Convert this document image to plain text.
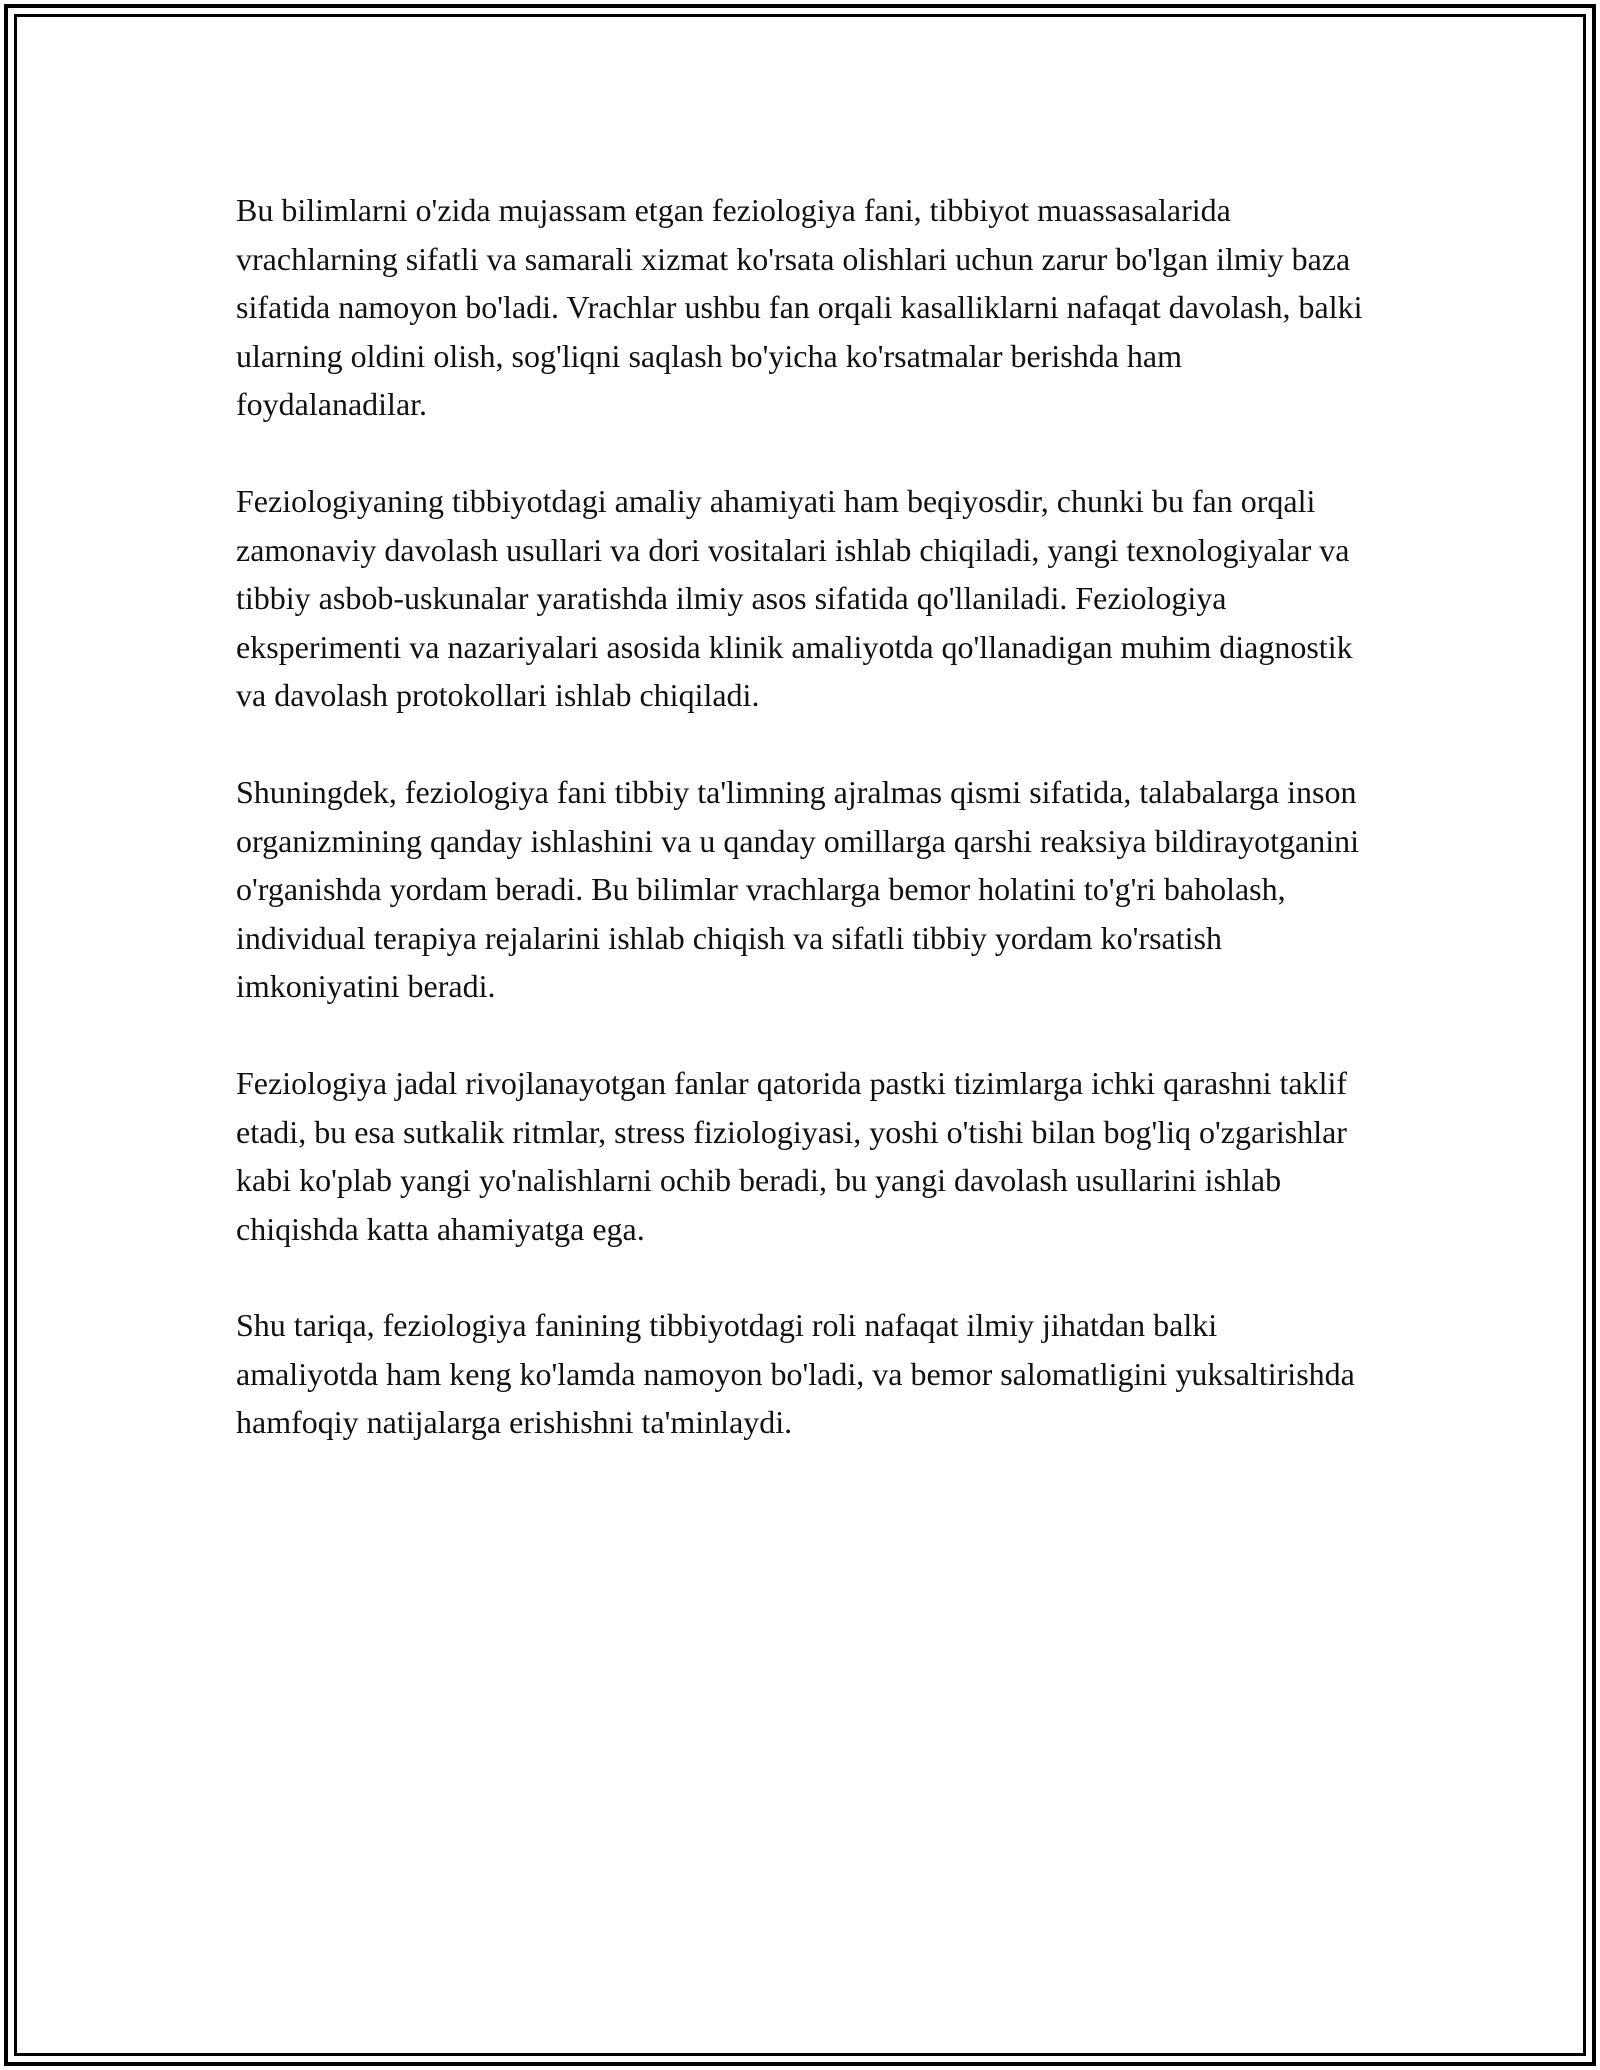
Bu bilimlarni o'zida mujassam etgan feziologiya fani, tibbiyot muassasalarida vrachlarning sifatli va samarali xizmat ko'rsata olishlari uchun zarur bo'lgan ilmiy baza sifatida namoyon bo'ladi. Vrachlar ushbu fan orqali kasalliklarni nafaqat davolash, balki ularning oldini olish, sog'liqni saqlash bo'yicha ko'rsatmalar berishda ham foydalanadilar.

Feziologiyaning tibbiyotdagi amaliy ahamiyati ham beqiyosdir, chunki bu fan orqali zamonaviy davolash usullari va dori vositalari ishlab chiqiladi, yangi texnologiyalar va tibbiy asbob-uskunalar yaratishda ilmiy asos sifatida qo'llaniladi. Feziologiya eksperimenti va nazariyalari asosida klinik amaliyotda qo'llanadigan muhim diagnostik va davolash protokollari ishlab chiqiladi.

Shuningdek, feziologiya fani tibbiy ta'limning ajralmas qismi sifatida, talabalarga inson organizmining qanday ishlashini va u qanday omillarga qarshi reaksiya bildirayotganini o'rganishda yordam beradi. Bu bilimlar vrachlarga bemor holatini to'g'ri baholash, individual terapiya rejalarini ishlab chiqish va sifatli tibbiy yordam ko'rsatish imkoniyatini beradi.

Feziologiya jadal rivojlanayotgan fanlar qatorida pastki tizimlarga ichki qarashni taklif etadi, bu esa sutkalik ritmlar, stress fiziologiyasi, yoshi o'tishi bilan bog'liq o'zgarishlar kabi ko'plab yangi yo'nalishlarni ochib beradi, bu yangi davolash usullarini ishlab chiqishda katta ahamiyatga ega.

Shu tariqa, feziologiya fanining tibbiyotdagi roli nafaqat ilmiy jihatdan balki amaliyotda ham keng ko'lamda namoyon bo'ladi, va bemor salomatligini yuksaltirishda hamfoqiy natijalarga erishishni ta'minlaydi.
